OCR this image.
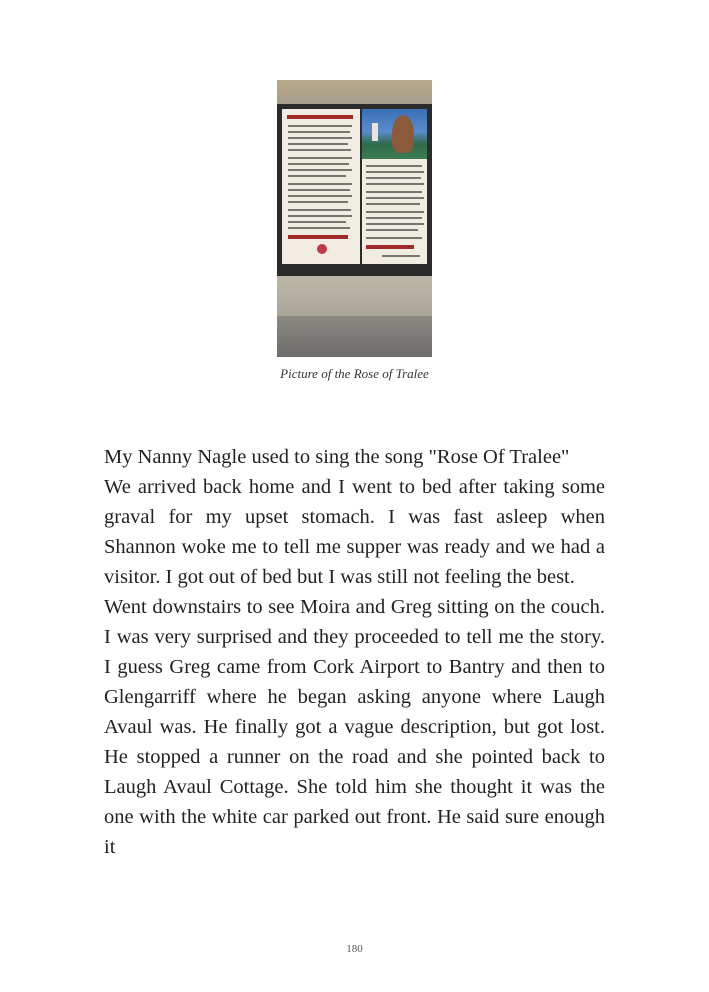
Picture of the Rose of Tralee

My Nanny Nagle used to sing the song "Rose Of Tralee"

We arrived back home and I went to bed after taking some graval for my upset stomach. I was fast asleep when Shannon woke me to tell me supper was ready and we had a visitor. I got out of bed but I was still not feeling the best.

Went downstairs to see Moira and Greg sitting on the couch. I was very surprised and they proceeded to tell me the story. I guess Greg came from Cork Airport to Bantry and then to Glengarriff where he began asking anyone where Laugh Avaul was. He finally got a vague description, but got lost. He stopped a runner on the road and she pointed back to Laugh Avaul Cottage. She told him she thought it was the one with the white car parked out front. He said sure enough it

180
